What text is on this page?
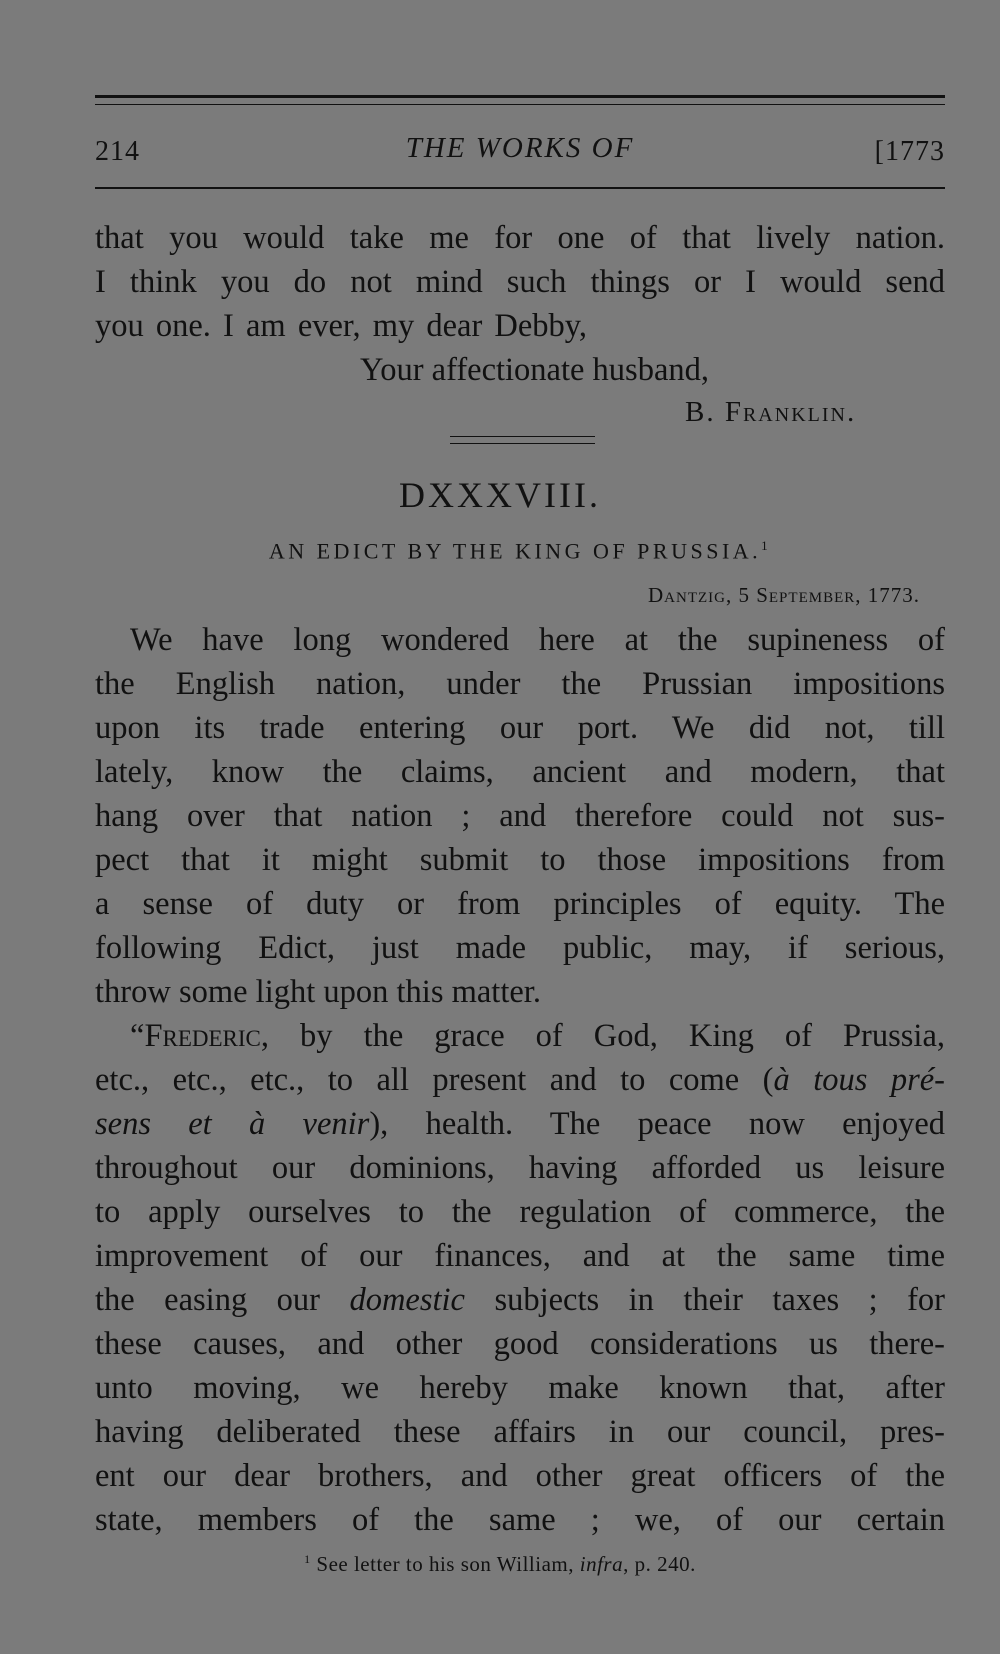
214	THE WORKS OF	[1773
that you would take me for one of that lively nation.
I think you do not mind such things or I would send
you one. I am ever, my dear Debby,
Your affectionate husband,
B. Franklin.
DXXXVIII.
AN EDICT BY THE KING OF PRUSSIA.$^1$
Dantzig, 5 September, 1773.
We have long wondered here at the supineness of
the English nation, under the Prussian impositions
upon its trade entering our port. We did not, till
lately, know the claims, ancient and modern, that
hang over that nation ; and therefore could not sus-
pect that it might submit to those impositions from
a sense of duty or from principles of equity. The
following Edict, just made public, may, if serious,
throw some light upon this matter.
“Frederic, by the grace of God, King of Prussia,
etc., etc., etc., to all present and to come (à tous pré-
sens et à venir), health. The peace now enjoyed
throughout our dominions, having afforded us leisure
to apply ourselves to the regulation of commerce, the
improvement of our finances, and at the same time
the easing our domestic subjects in their taxes ; for
these causes, and other good considerations us there-
unto moving, we hereby make known that, after
having deliberated these affairs in our council, pres-
ent our dear brothers, and other great officers of the
state, members of the same ; we, of our certain
$^1$ See letter to his son William, infra, p. 240.
